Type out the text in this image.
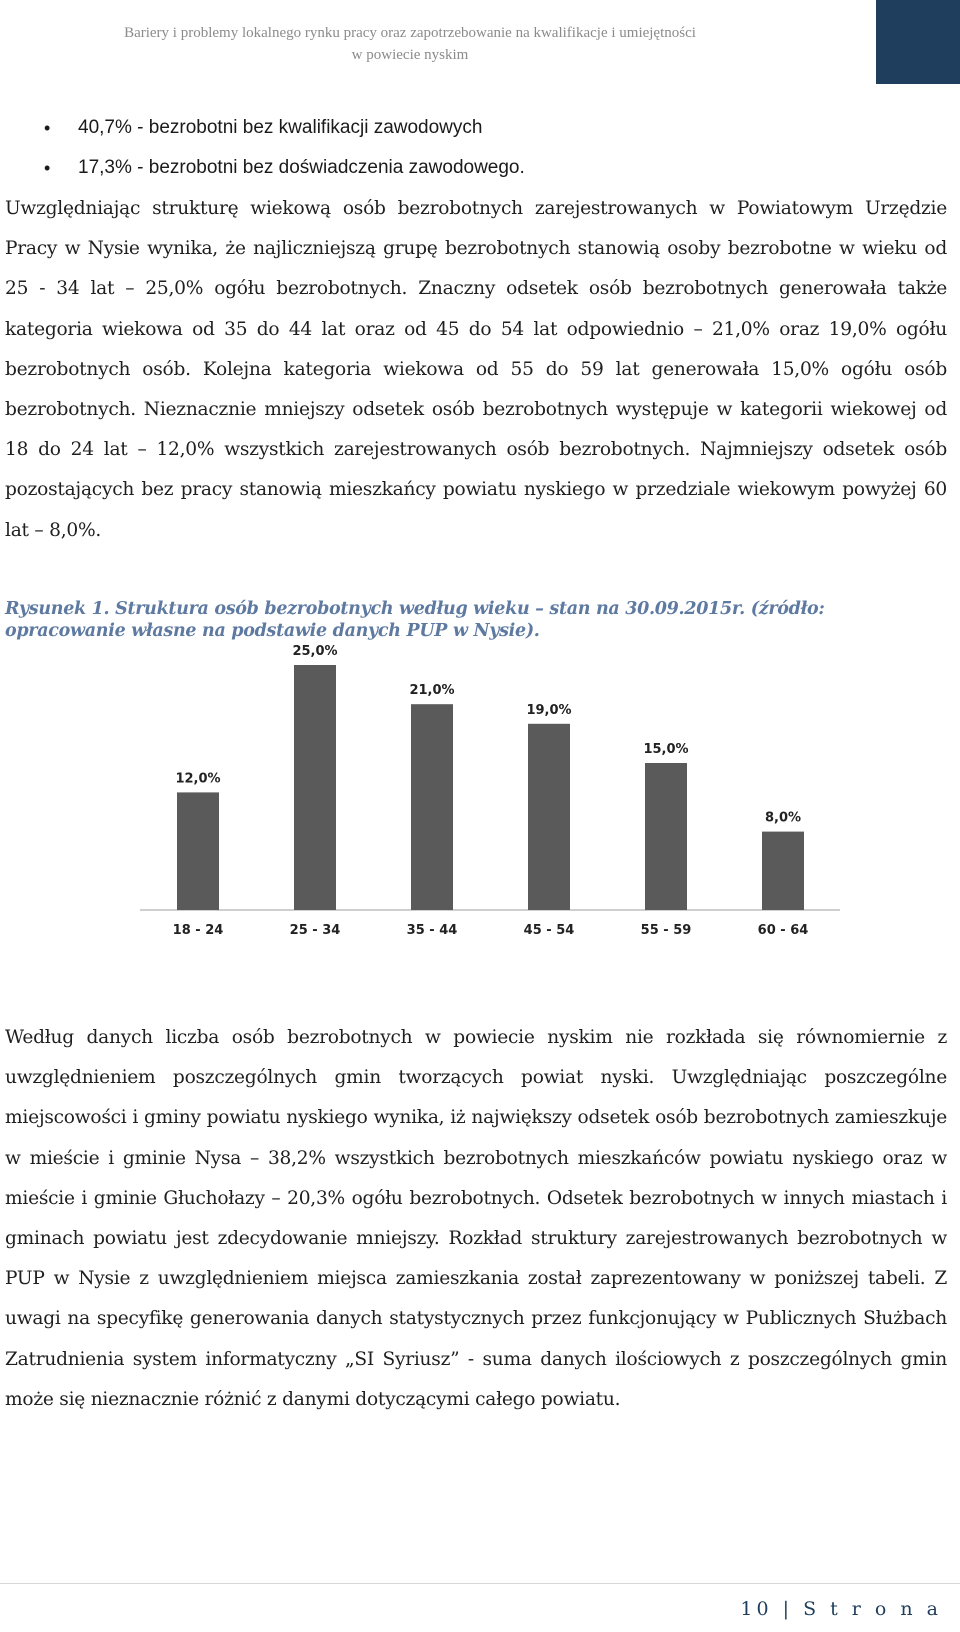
Bariery i problemy lokalnego rynku pracy oraz zapotrzebowanie na kwalifikacje i umiejętności
w powiecie nyskim
• 40,7% - bezrobotni bez kwalifikacji zawodowych
• 17,3% - bezrobotni bez doświadczenia zawodowego.

Uwzględniając strukturę wiekową osób bezrobotnych zarejestrowanych w Powiatowym Urzędzie Pracy w Nysie wynika, że najliczniejszą grupę bezrobotnych stanowią osoby bezrobotne w wieku od 25 - 34 lat – 25,0% ogółu bezrobotnych. Znaczny odsetek osób bezrobotnych generowała także kategoria wiekowa od 35 do 44 lat oraz od 45 do 54 lat odpowiednio – 21,0% oraz 19,0% ogółu bezrobotnych osób. Kolejna kategoria wiekowa od 55 do 59 lat generowała 15,0% ogółu osób bezrobotnych. Nieznacznie mniejszy odsetek osób bezrobotnych występuje w kategorii wiekowej od 18 do 24 lat – 12,0% wszystkich zarejestrowanych osób bezrobotnych. Najmniejszy odsetek osób pozostających bez pracy stanowią mieszkańcy powiatu nyskiego w przedziale wiekowym powyżej 60 lat – 8,0%.

Rysunek 1. Struktura osób bezrobotnych według wieku – stan na 30.09.2015r. (źródło: opracowanie własne na podstawie danych PUP w Nysie).
12,0%
25,0%
21,0%
19,0%
15,0%
8,0%
18 - 24	25 - 34	35 - 44	45 - 54	55 - 59	60 - 64

Według danych liczba osób bezrobotnych w powiecie nyskim nie rozkłada się równomiernie z uwzględnieniem poszczególnych gmin tworzących powiat nyski. Uwzględniając poszczególne miejscowości i gminy powiatu nyskiego wynika, iż największy odsetek osób bezrobotnych zamieszkuje w mieście i gminie Nysa – 38,2% wszystkich bezrobotnych mieszkańców powiatu nyskiego oraz w mieście i gminie Głuchołazy – 20,3% ogółu bezrobotnych. Odsetek bezrobotnych w innych miastach i gminach powiatu jest zdecydowanie mniejszy. Rozkład struktury zarejestrowanych bezrobotnych w PUP w Nysie z uwzględnieniem miejsca zamieszkania został zaprezentowany w poniższej tabeli. Z uwagi na specyfikę generowania danych statystycznych przez funkcjonujący w Publicznych Służbach Zatrudnienia system informatyczny „SI Syriusz” - suma danych ilościowych z poszczególnych gmin może się nieznacznie różnić z danymi dotyczącymi całego powiatu.

10 | S t r o n a
